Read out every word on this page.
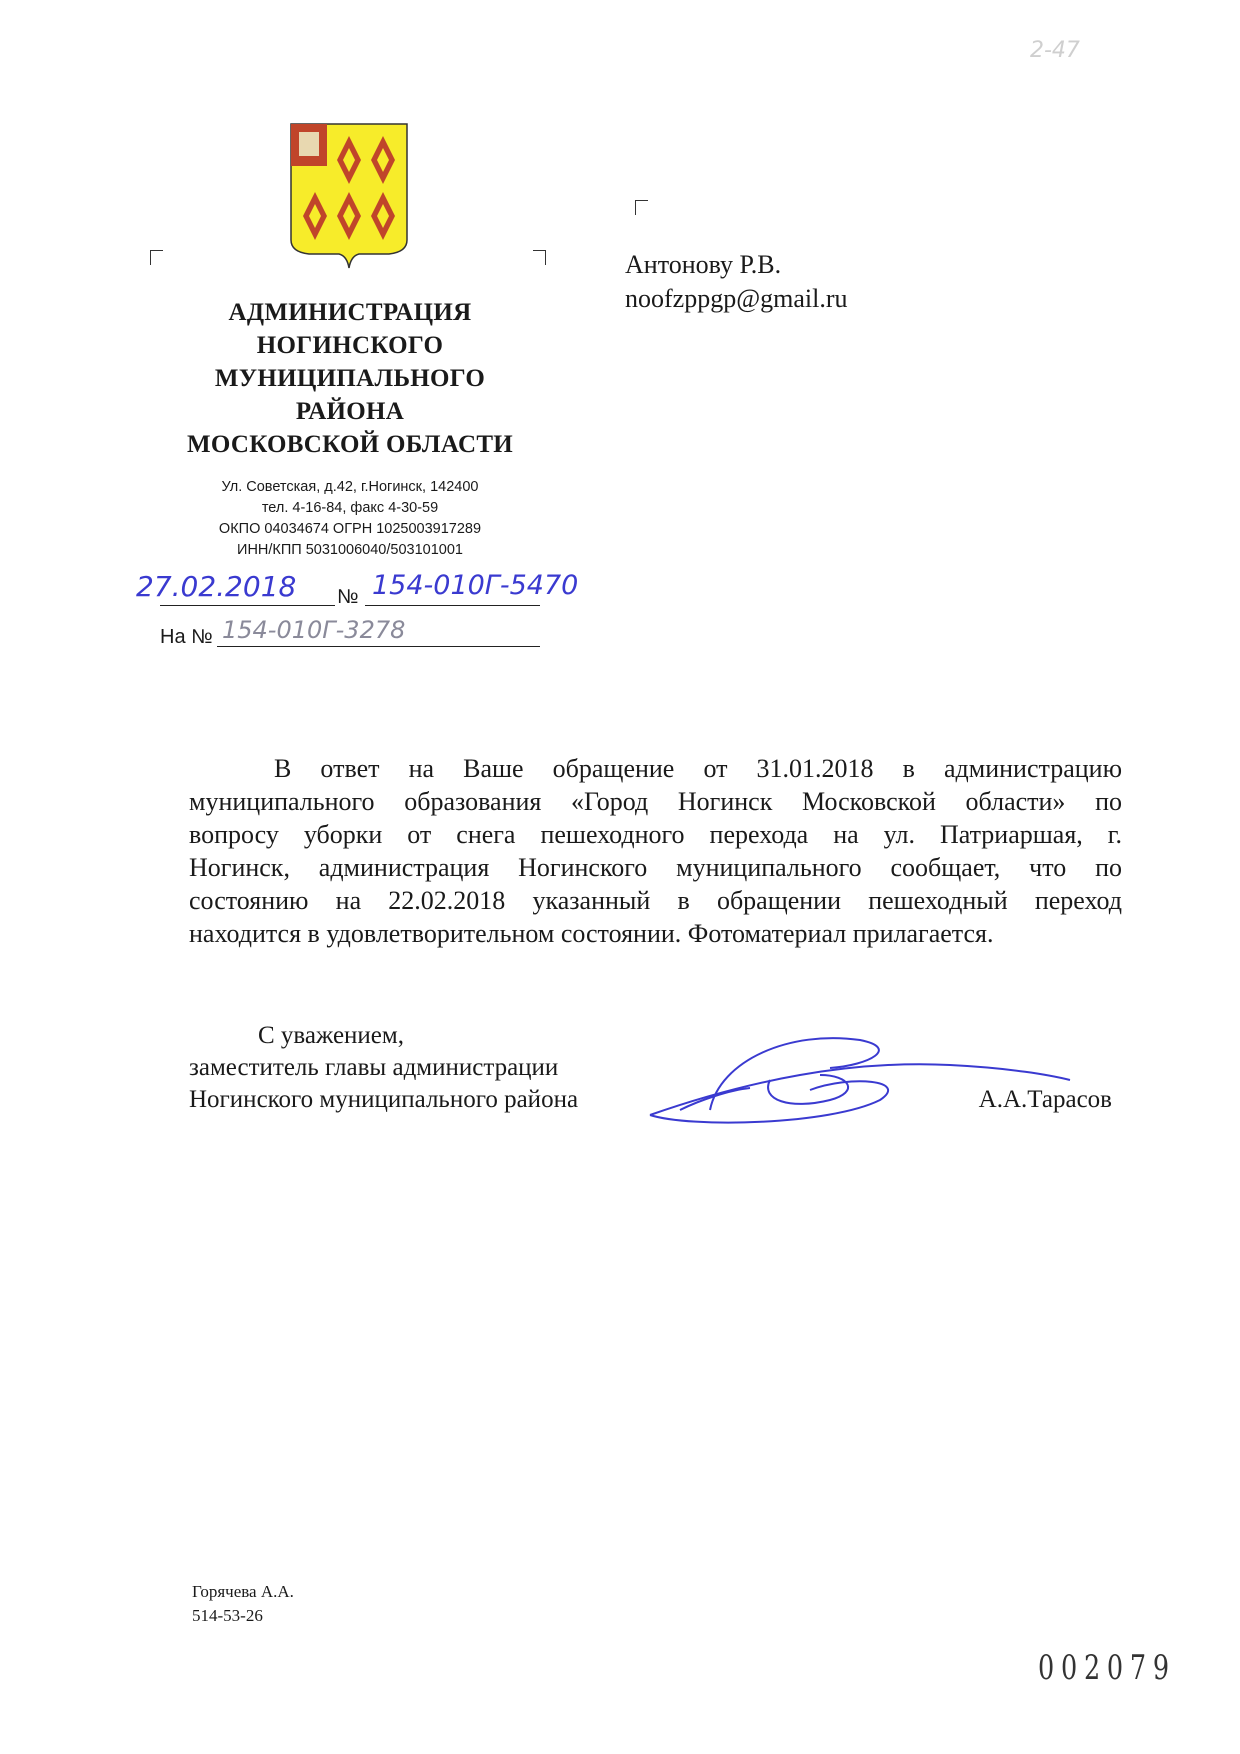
2-47
АДМИНИСТРАЦИЯ
НОГИНСКОГО
МУНИЦИПАЛЬНОГО
РАЙОНА
МОСКОВСКОЙ ОБЛАСТИ
Ул. Советская, д.42, г.Ногинск, 142400
тел. 4-16-84, факс 4-30-59
ОКПО 04034674 ОГРН 1025003917289
ИНН/КПП 5031006040/503101001
27.02.2018 № 154-010Г-5470
На № 154-010Г-3278
Антонову Р.В.
noofzppgp@gmail.ru
В ответ на Ваше обращение от 31.01.2018 в администрацию
муниципального образования «Город Ногинск Московской области» по
вопросу уборки от снега пешеходного перехода на ул. Патриаршая, г.
Ногинск, администрация Ногинского муниципального сообщает, что по
состоянию на 22.02.2018 указанный в обращении пешеходный переход
находится в удовлетворительном состоянии. Фотоматериал прилагается.
С уважением,
заместитель главы администрации
Ногинского муниципального района	А.А.Тарасов
Горячева А.А.
514-53-26
002079
